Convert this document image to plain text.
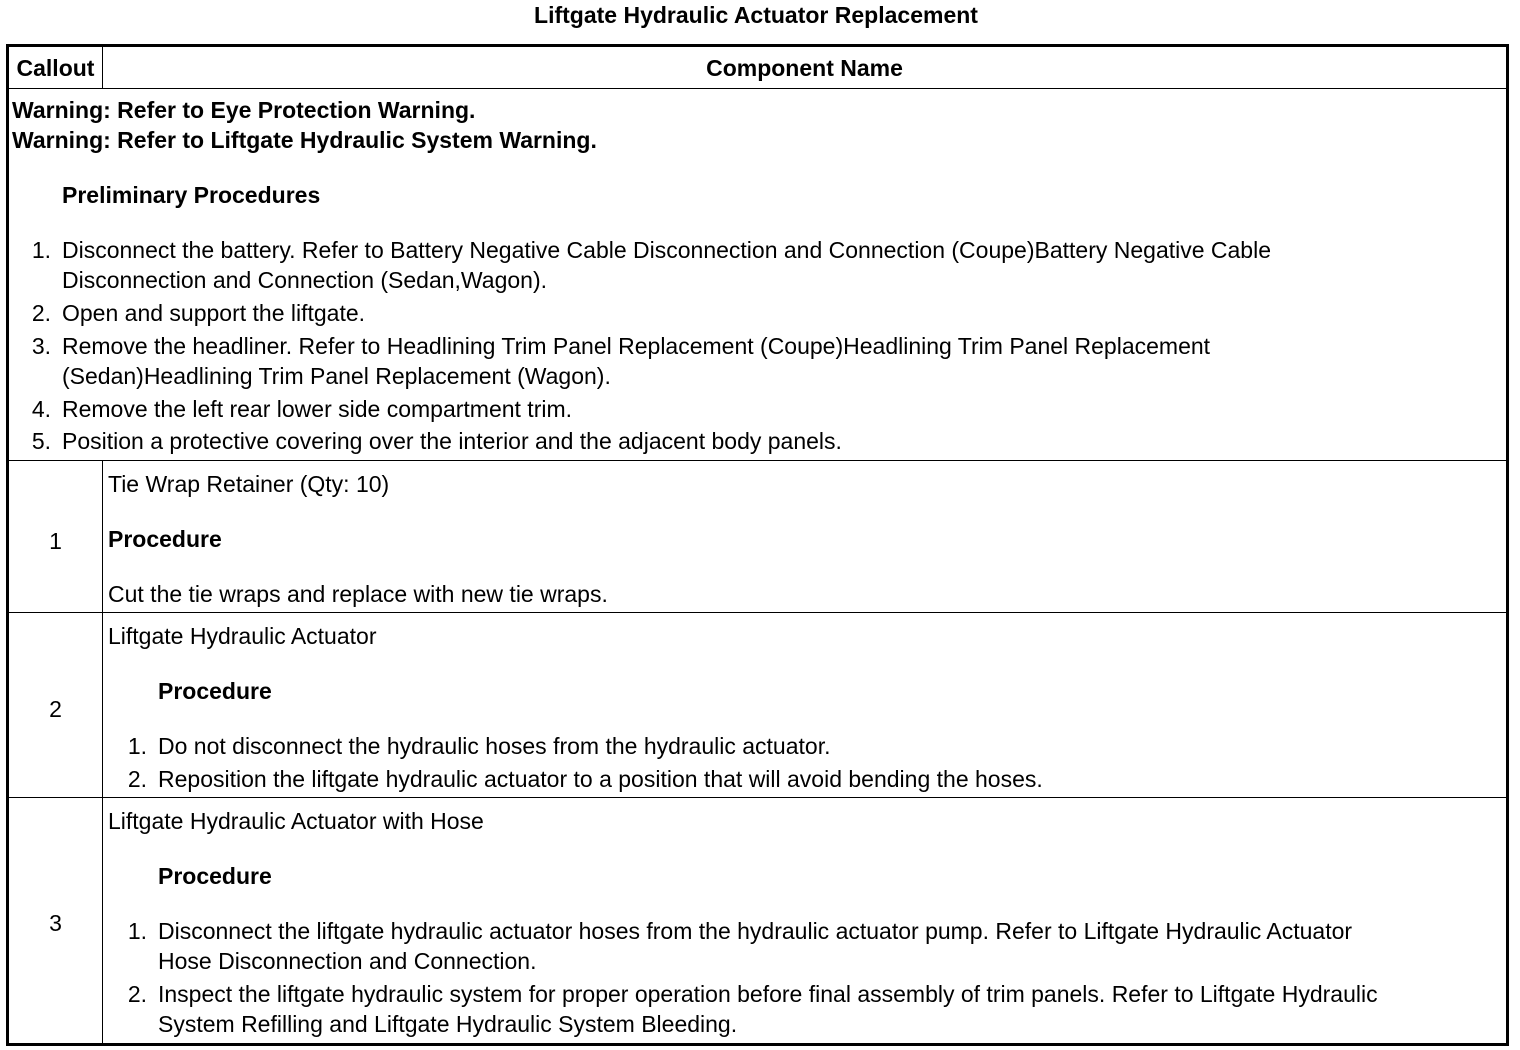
Liftgate Hydraulic Actuator Replacement
Callout	Component Name
Warning: Refer to Eye Protection Warning.
Warning: Refer to Liftgate Hydraulic System Warning.
Preliminary Procedures
1. Disconnect the battery. Refer to Battery Negative Cable Disconnection and Connection (Coupe)Battery Negative Cable
Disconnection and Connection (Sedan,Wagon).
2. Open and support the liftgate.
3. Remove the headliner. Refer to Headlining Trim Panel Replacement (Coupe)Headlining Trim Panel Replacement
(Sedan)Headlining Trim Panel Replacement (Wagon).
4. Remove the left rear lower side compartment trim.
5. Position a protective covering over the interior and the adjacent body panels.
1
Tie Wrap Retainer (Qty: 10)
Procedure
Cut the tie wraps and replace with new tie wraps.
2
Liftgate Hydraulic Actuator
Procedure
1. Do not disconnect the hydraulic hoses from the hydraulic actuator.
2. Reposition the liftgate hydraulic actuator to a position that will avoid bending the hoses.
3
Liftgate Hydraulic Actuator with Hose
Procedure
1. Disconnect the liftgate hydraulic actuator hoses from the hydraulic actuator pump. Refer to Liftgate Hydraulic Actuator
Hose Disconnection and Connection.
2. Inspect the liftgate hydraulic system for proper operation before final assembly of trim panels. Refer to Liftgate Hydraulic
System Refilling and Liftgate Hydraulic System Bleeding.
